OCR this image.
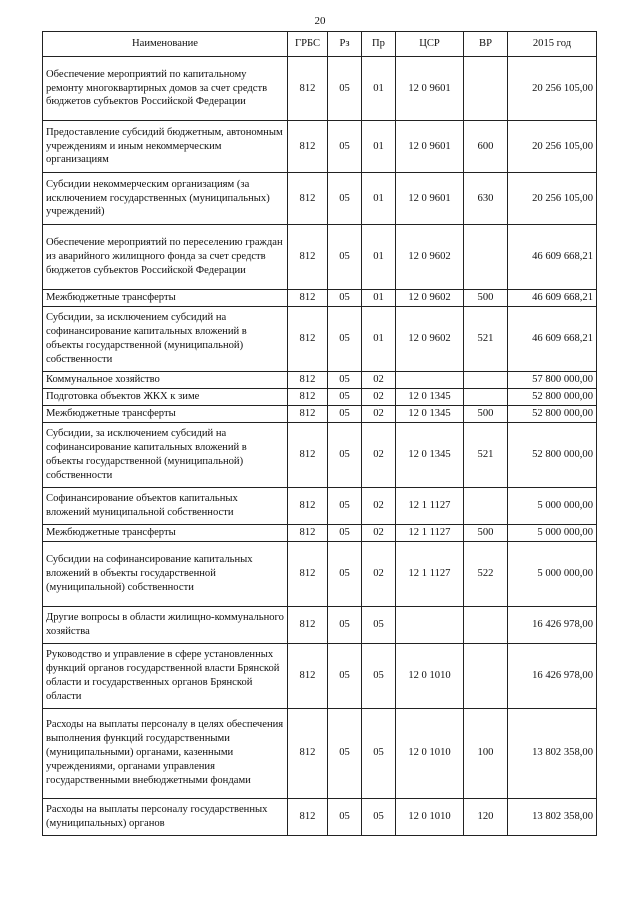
20
Наименование	ГРБС	Рз	Пр	ЦСР	ВР	2015 год
Обеспечение мероприятий по капитальному ремонту многоквартирных домов за счет средств бюджетов субъектов Российской Федерации	812	05	01	12 0 9601		20 256 105,00
Предоставление субсидий бюджетным, автономным учреждениям и иным некоммерческим организациям	812	05	01	12 0 9601	600	20 256 105,00
Субсидии некоммерческим организациям (за исключением государственных (муниципальных) учреждений)	812	05	01	12 0 9601	630	20 256 105,00
Обеспечение мероприятий по переселению граждан из аварийного жилищного фонда за счет средств бюджетов субъектов Российской Федерации	812	05	01	12 0 9602		46 609 668,21
Межбюджетные трансферты	812	05	01	12 0 9602	500	46 609 668,21
Субсидии, за исключением субсидий на софинансирование капитальных вложений в объекты государственной (муниципальной) собственности	812	05	01	12 0 9602	521	46 609 668,21
Коммунальное хозяйство	812	05	02			57 800 000,00
Подготовка объектов ЖКХ к зиме	812	05	02	12 0 1345		52 800 000,00
Межбюджетные трансферты	812	05	02	12 0 1345	500	52 800 000,00
Субсидии, за исключением субсидий на софинансирование капитальных вложений в объекты государственной (муниципальной) собственности	812	05	02	12 0 1345	521	52 800 000,00
Софинансирование объектов капитальных вложений муниципальной собственности	812	05	02	12 1 1127		5 000 000,00
Межбюджетные трансферты	812	05	02	12 1 1127	500	5 000 000,00
Субсидии на софинансирование капитальных вложений в объекты государственной (муниципальной) собственности	812	05	02	12 1 1127	522	5 000 000,00
Другие вопросы в области жилищно-коммунального хозяйства	812	05	05			16 426 978,00
Руководство и управление в сфере установленных функций органов государственной власти Брянской области и государственных органов Брянской области	812	05	05	12 0 1010		16 426 978,00
Расходы на выплаты персоналу в целях обеспечения выполнения функций государственными (муниципальными) органами, казенными учреждениями, органами управления государственными внебюджетными фондами	812	05	05	12 0 1010	100	13 802 358,00
Расходы на выплаты персоналу государственных (муниципальных) органов	812	05	05	12 0 1010	120	13 802 358,00
